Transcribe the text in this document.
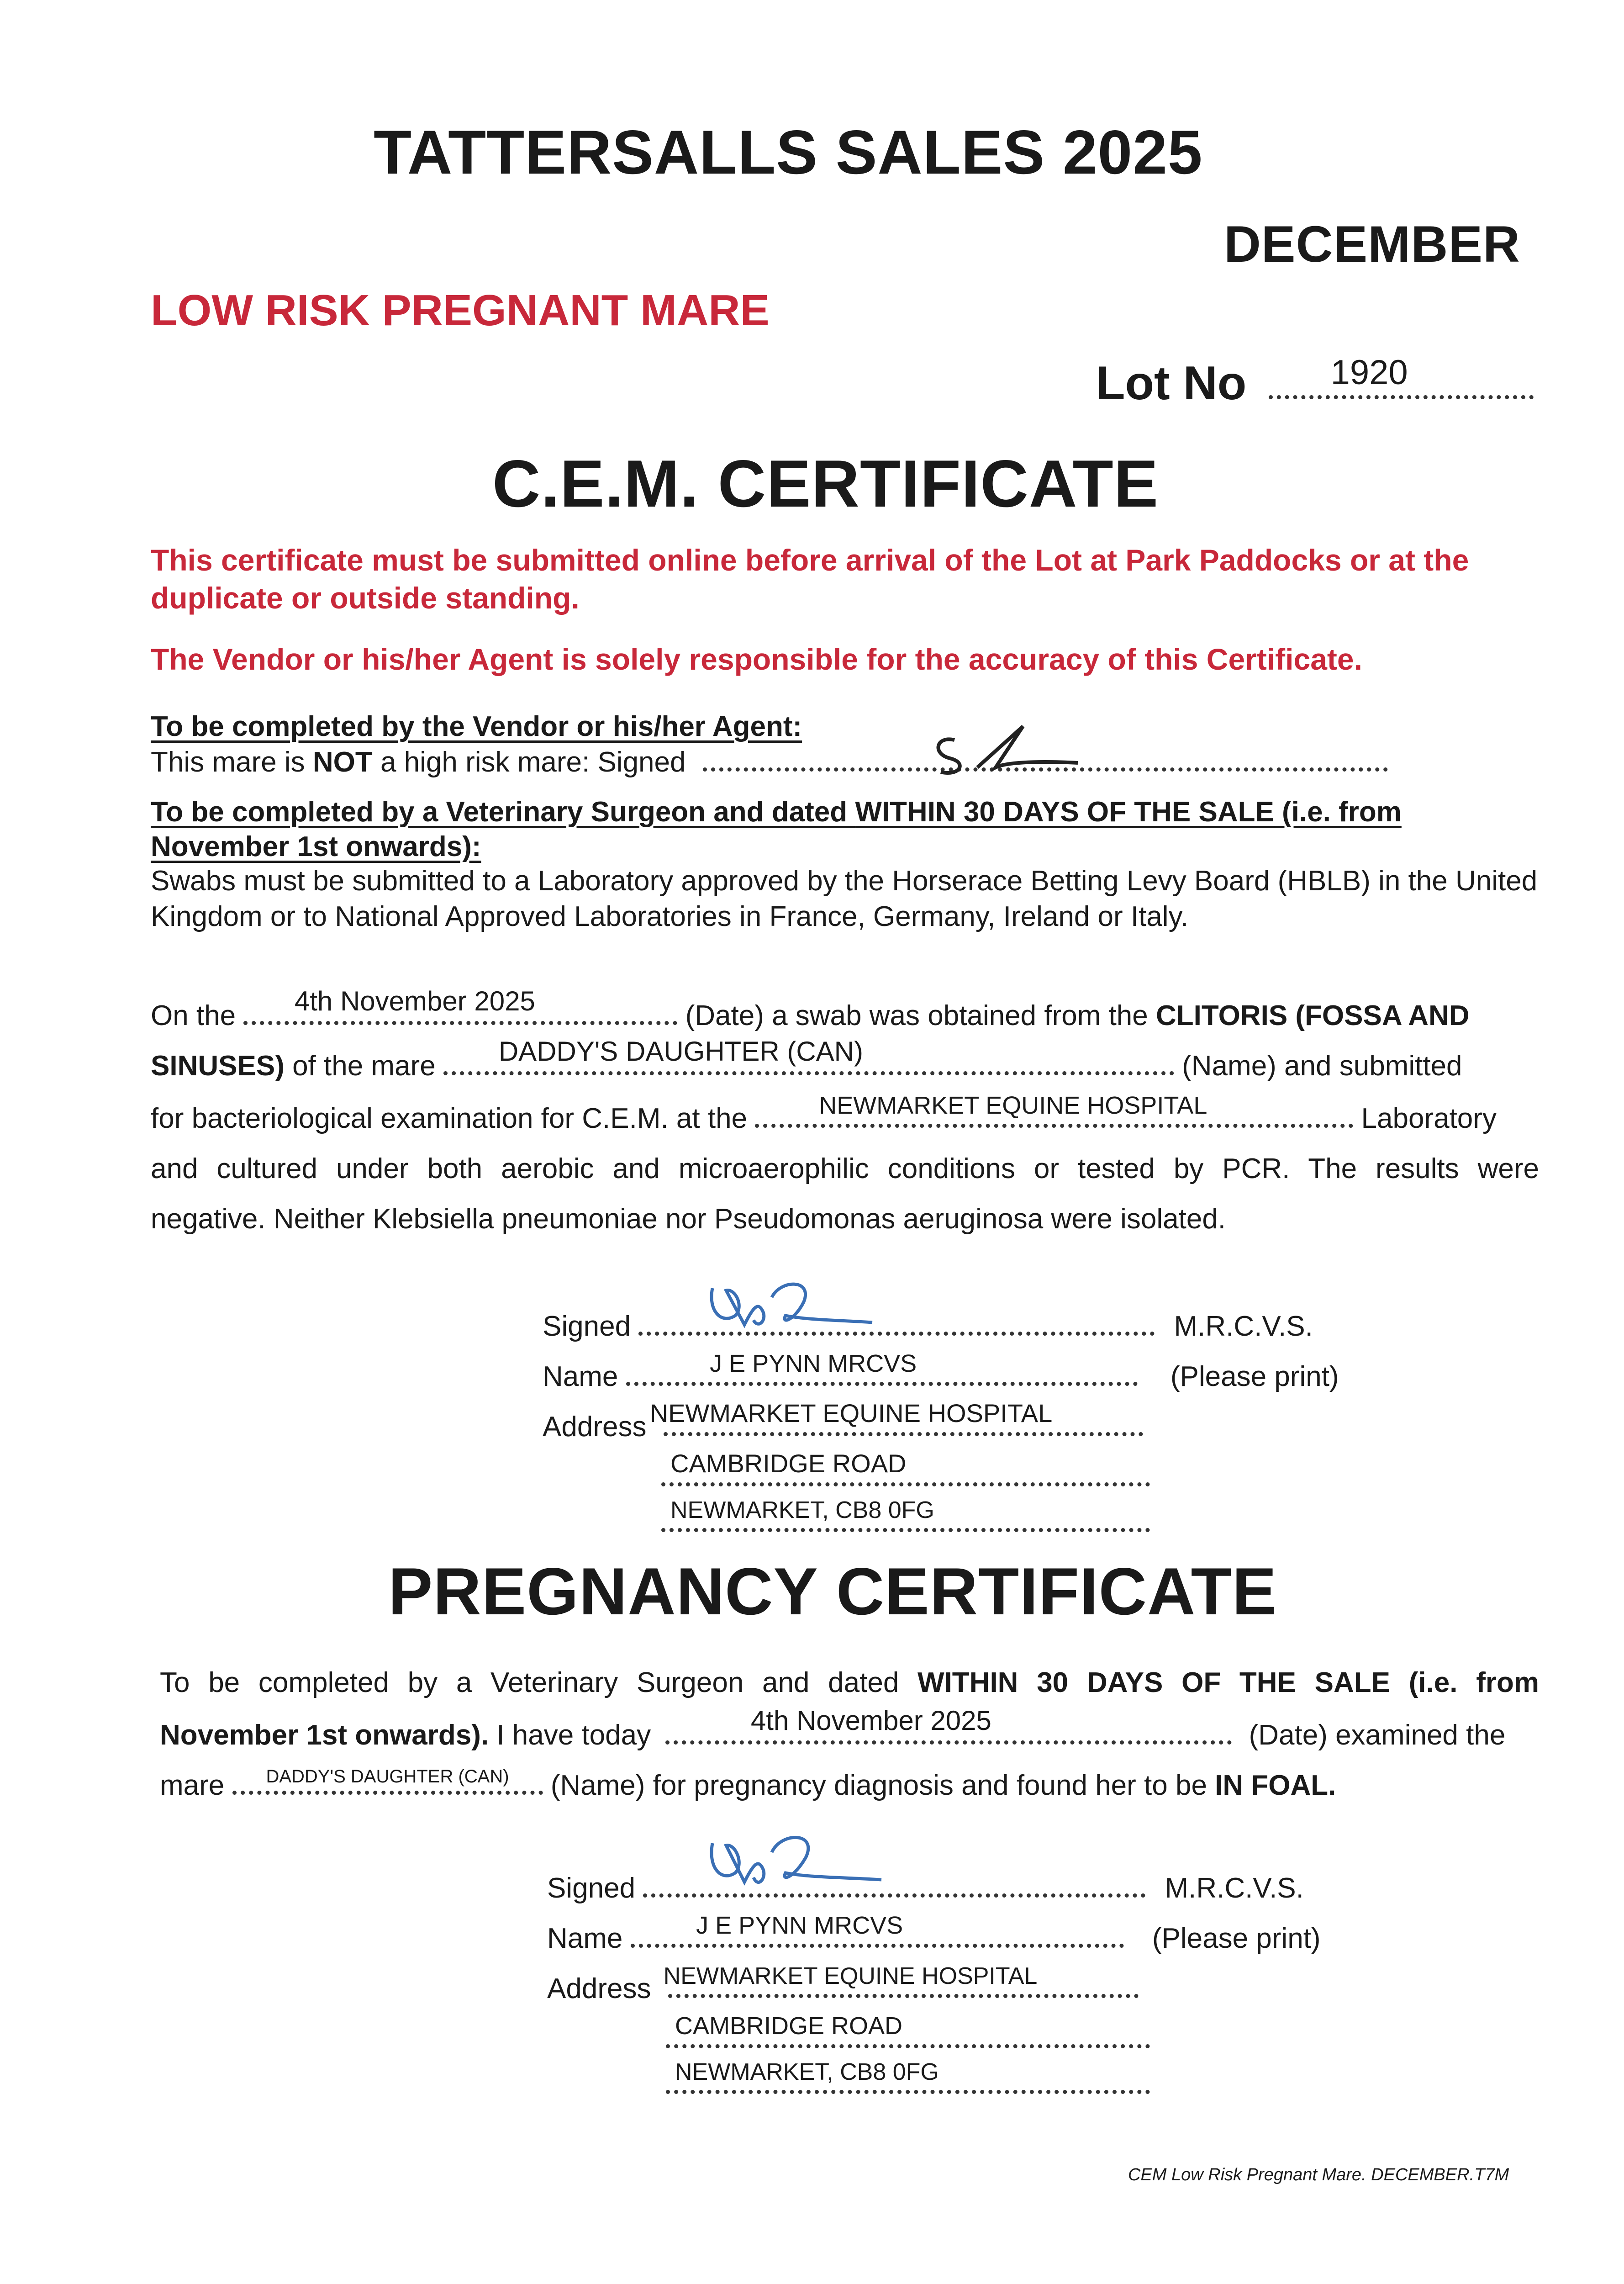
TATTERSALLS SALES 2025
DECEMBER
LOW RISK PREGNANT MARE
Lot No	1920
C.E.M. CERTIFICATE
This certificate must be submitted online before arrival of the Lot at Park Paddocks or at the duplicate or outside standing.
The Vendor or his/her Agent is solely responsible for the accuracy of this Certificate.
To be completed by the Vendor or his/her Agent:
This mare is NOT a high risk mare: Signed
To be completed by a Veterinary Surgeon and dated WITHIN 30 DAYS OF THE SALE (i.e. from November 1st onwards):
Swabs must be submitted to a Laboratory approved by the Horserace Betting Levy Board (HBLB) in the United Kingdom or to National Approved Laboratories in France, Germany, Ireland or Italy.
On the	4th November 2025	(Date) a swab was obtained from the CLITORIS (FOSSA AND
SINUSES) of the mare	DADDY'S DAUGHTER (CAN)	(Name) and submitted
for bacteriological examination for C.E.M. at the	NEWMARKET EQUINE HOSPITAL	Laboratory
and cultured under both aerobic and microaerophilic conditions or tested by PCR. The results were
negative. Neither Klebsiella pneumoniae nor Pseudomonas aeruginosa were isolated.
Signed	M.R.C.V.S.
Name	J E PYNN MRCVS	(Please print)
Address NEWMARKET EQUINE HOSPITAL
CAMBRIDGE ROAD
NEWMARKET, CB8 0FG
PREGNANCY CERTIFICATE
To be completed by a Veterinary Surgeon and dated WITHIN 30 DAYS OF THE SALE (i.e. from
November 1st onwards). I have today	4th November 2025	(Date) examined the
mare	DADDY'S DAUGHTER (CAN)	(Name) for pregnancy diagnosis and found her to be IN FOAL.
Signed	M.R.C.V.S.
Name	J E PYNN MRCVS	(Please print)
Address NEWMARKET EQUINE HOSPITAL
CAMBRIDGE ROAD
NEWMARKET, CB8 0FG
CEM Low Risk Pregnant Mare. DECEMBER.T7M
